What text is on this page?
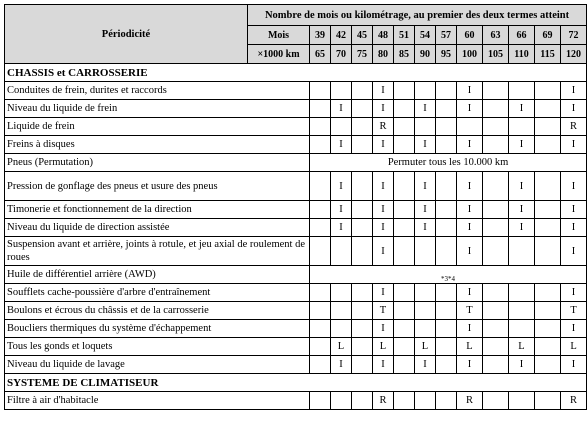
Périodicité	Nombre de mois ou kilométrage, au premier des deux termes atteint												
	Mois	39	42	45	48	51	54	57	60	63	66	69	72
	×1000 km	65	70	75	80	85	90	95	100	105	110	115	120
CHASSIS et CARROSSERIE													
Conduites de frein, durites et raccords					I				I				I
Niveau du liquide de frein			I		I		I		I		I		I
Liquide de frein					R								R
Freins à disques			I		I		I		I		I		I
Pneus (Permutation)		Permuter tous les 10.000 km											
Pression de gonflage des pneus et usure des pneus			I		I		I		I		I		I
Timonerie et fonctionnement de la direction			I		I		I		I		I		I
Niveau du liquide de direction assistée			I		I		I		I		I		I
Suspension avant et arrière, joints à rotule, et jeu axial de roulement de roues					I				I				I
Huile de différentiel arrière (AWD)		*3*4											
Soufflets cache-poussière d'arbre d'entraînement					I				I				I
Boulons et écrous du châssis et de la carrosserie					T				T				T
Boucliers thermiques du système d'échappement					I				I				I
Tous les gonds et loquets			L		L		L		L		L		L
Niveau du liquide de lavage			I		I		I		I		I		I
SYSTEME DE CLIMATISEUR													
Filtre à air d'habitacle					R				R				R
